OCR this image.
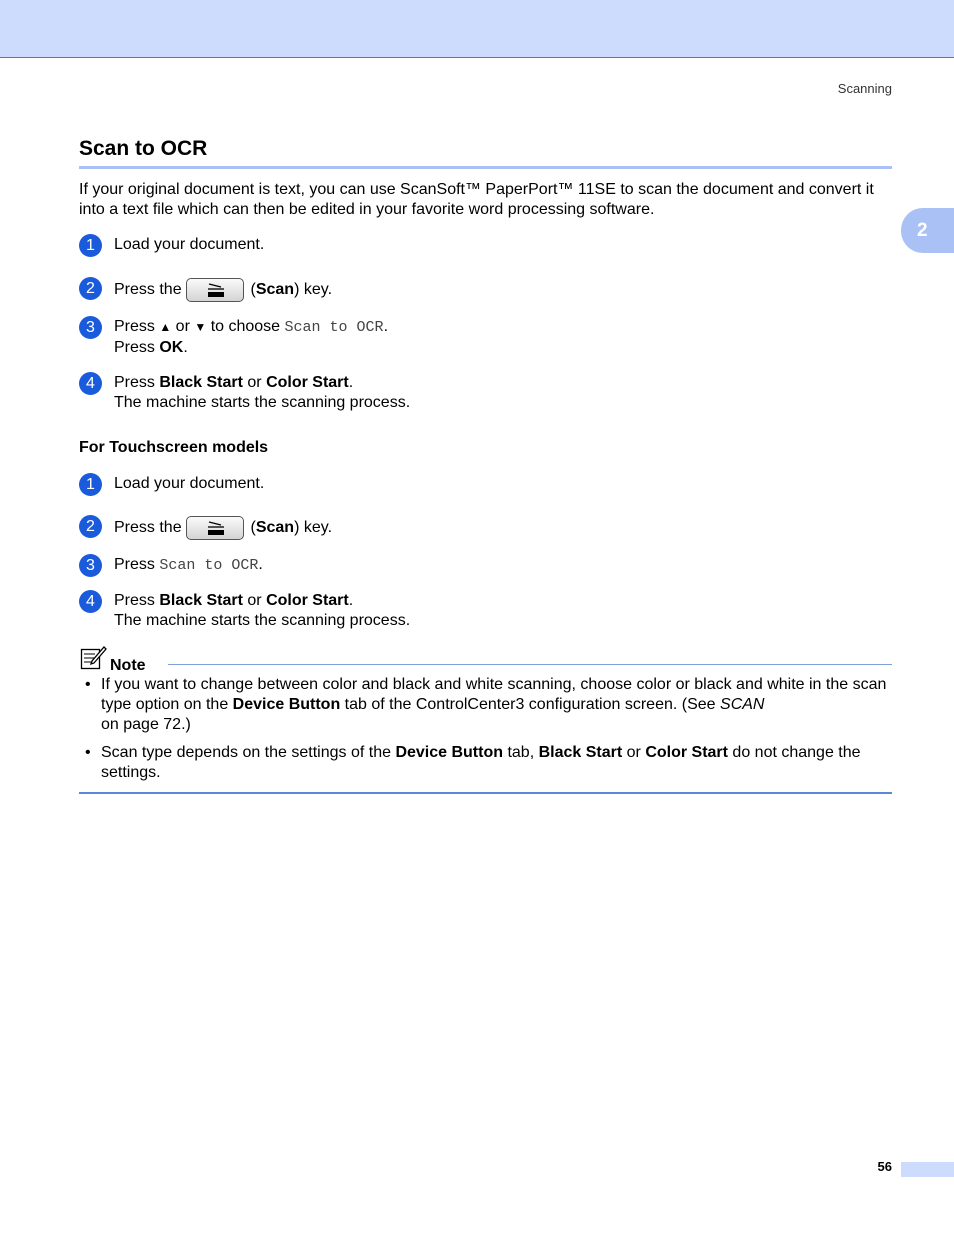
Scanning
2
Scan to OCR

If your original document is text, you can use ScanSoft™ PaperPort™ 11SE to scan the document and convert it into a text file which can then be edited in your favorite word processing software.

1	Load your document.
2	Press the	(Scan) key.
3	Press ▲ or ▼ to choose Scan to OCR.
Press OK.
4	Press Black Start or Color Start.
The machine starts the scanning process.
For Touchscreen models
1	Load your document.
2	Press the	(Scan) key.
3	Press Scan to OCR.
4	Press Black Start or Color Start.
The machine starts the scanning process.
Note
• If you want to change between color and black and white scanning, choose color or black and white in the scan type option on the Device Button tab of the ControlCenter3 configuration screen. (See SCAN
on page 72.)
• Scan type depends on the settings of the Device Button tab, Black Start or Color Start do not change the settings.
56
